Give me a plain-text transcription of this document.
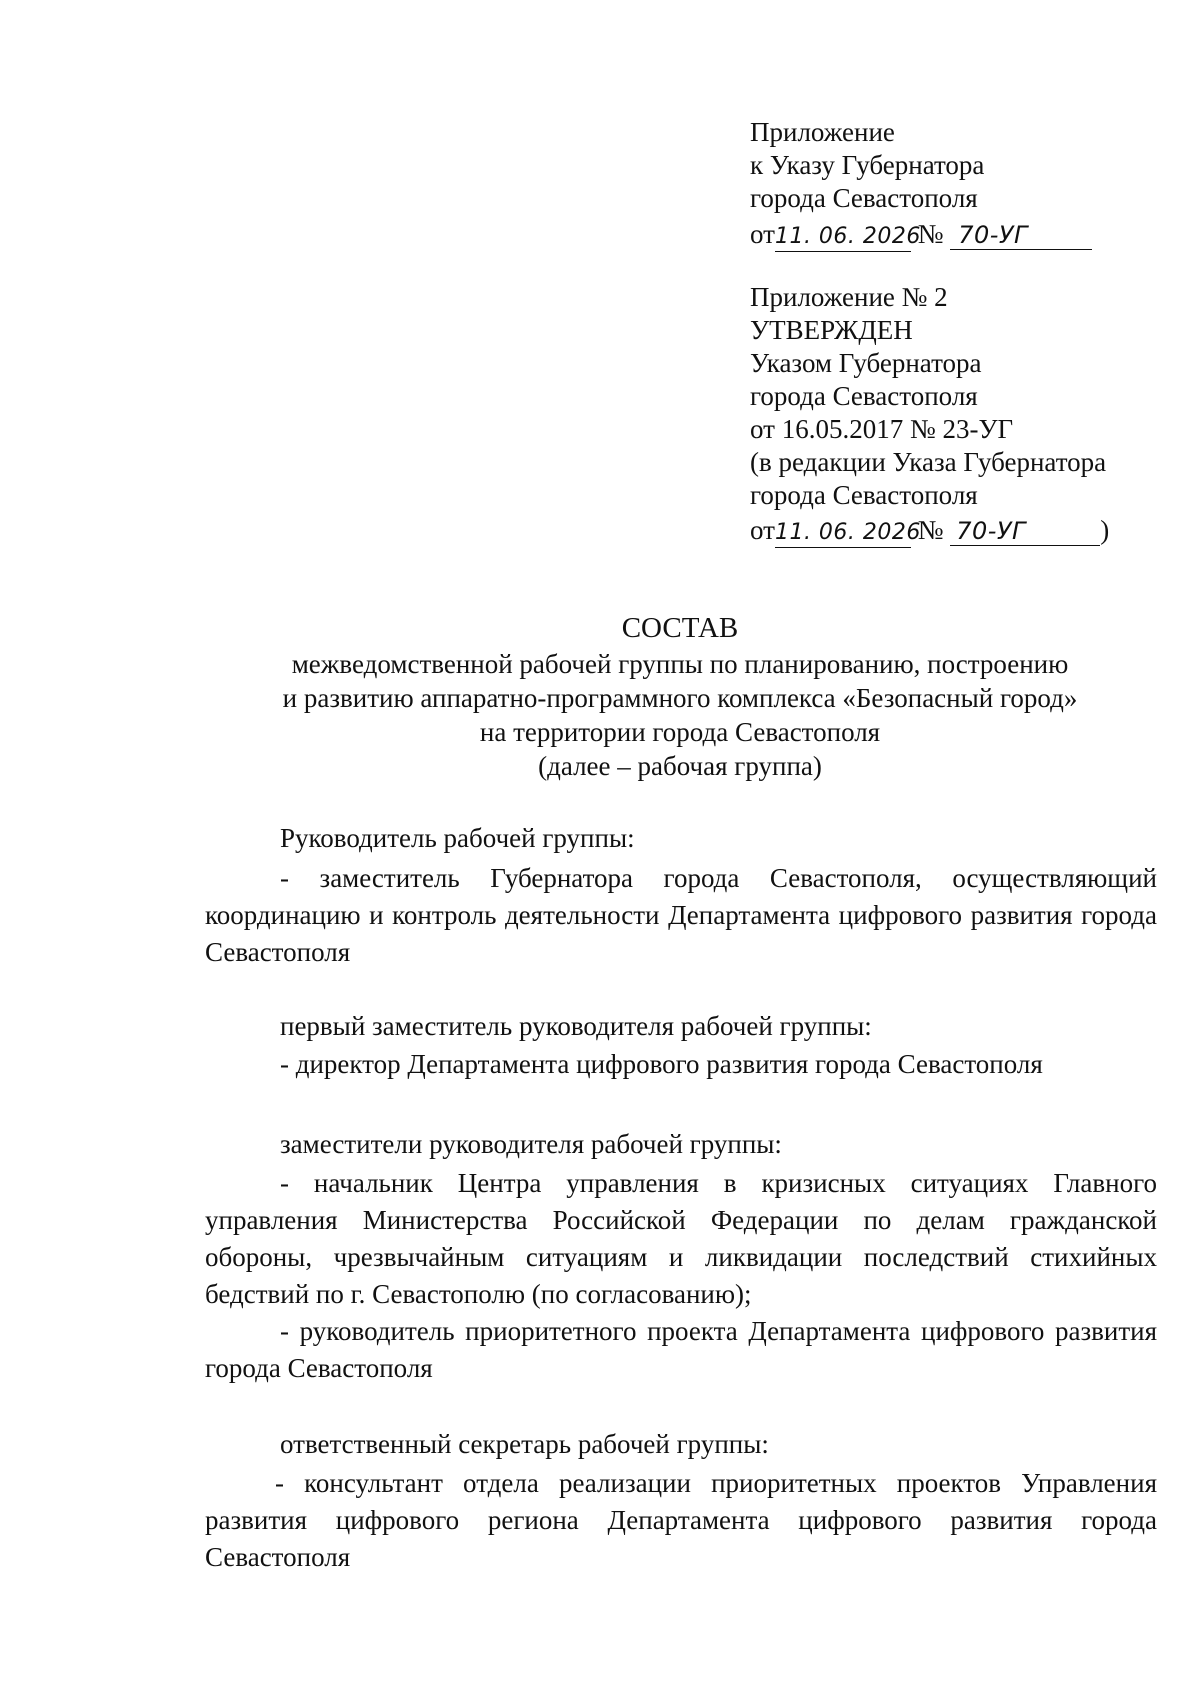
Приложение
к Указу Губернатора
города Севастополя
от11. 06. 2026 № 70-УГ
Приложение № 2
УТВЕРЖДЕН
Указом Губернатора
города Севастополя
от 16.05.2017 № 23-УГ
(в редакции Указа Губернатора
города Севастополя
от11. 06. 2026 № 70-УГ	)
СОСТАВ
межведомственной рабочей группы по планированию, построению
и развитию аппаратно-программного комплекса «Безопасный город»
на территории города Севастополя
(далее – рабочая группа)
Руководитель рабочей группы:
- заместитель Губернатора города Севастополя, осуществляющий координацию и контроль деятельности Департамента цифрового развития города Севастополя
первый заместитель руководителя рабочей группы:
- директор Департамента цифрового развития города Севастополя
заместители руководителя рабочей группы:
- начальник Центра управления в кризисных ситуациях Главного управления Министерства Российской Федерации по делам гражданской обороны, чрезвычайным ситуациям и ликвидации последствий стихийных бедствий по г. Севастополю (по согласованию);
- руководитель приоритетного проекта Департамента цифрового развития города Севастополя
ответственный секретарь рабочей группы:
- консультант отдела реализации приоритетных проектов Управления развития цифрового региона Департамента цифрового развития города Севастополя
